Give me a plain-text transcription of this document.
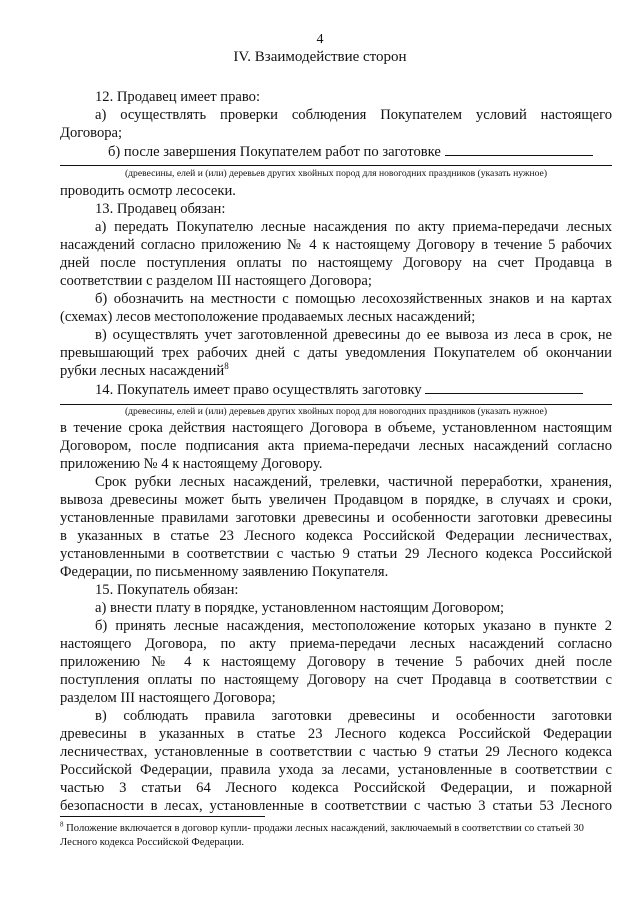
4
IV. Взаимодействие сторон
12. Продавец имеет право:
а) осуществлять проверки соблюдения Покупателем условий настоящего
Договора;
б) после завершения Покупателем работ по заготовке
(древесины, елей и (или) деревьев других хвойных пород для новогодних праздников (указать нужное)
проводить осмотр лесосеки.
13. Продавец обязан:
а) передать Покупателю лесные насаждения по акту приема-передачи лесных
насаждений согласно приложению № 4 к настоящему Договору в течение 5 рабочих
дней после поступления оплаты по настоящему Договору на счет Продавца в
соответствии с разделом III настоящего Договора;
б) обозначить на местности с помощью лесохозяйственных знаков и на картах
(схемах) лесов местоположение продаваемых лесных насаждений;
в) осуществлять учет заготовленной древесины до ее вывоза из леса в срок, не
превышающий трех рабочих дней с даты уведомления Покупателем об окончании
рубки лесных насаждений$^8$
14. Покупатель имеет право осуществлять заготовку
(древесины, елей и (или) деревьев других хвойных пород для новогодних праздников (указать нужное)
в течение срока действия настоящего Договора в объеме, установленном настоящим
Договором, после подписания акта приема-передачи лесных насаждений согласно
приложению № 4 к настоящему Договору.
Срок рубки лесных насаждений, трелевки, частичной переработки, хранения,
вывоза древесины может быть увеличен Продавцом в порядке, в случаях и сроки,
установленные правилами заготовки древесины и особенности заготовки древесины
в указанных в статье 23 Лесного кодекса Российской Федерации лесничествах,
установленными в соответствии с частью 9 статьи 29 Лесного кодекса Российской
Федерации, по письменному заявлению Покупателя.
15. Покупатель обязан:
а) внести плату в порядке, установленном настоящим Договором;
б) принять лесные насаждения, местоположение которых указано в пункте 2
настоящего Договора, по акту приема-передачи лесных насаждений согласно
приложению № 4 к настоящему Договору в течение 5 рабочих дней после
поступления оплаты по настоящему Договору на счет Продавца в соответствии с
разделом III настоящего Договора;
в) соблюдать правила заготовки древесины и особенности заготовки
древесины в указанных в статье 23 Лесного кодекса Российской Федерации
лесничествах, установленные в соответствии с частью 9 статьи 29 Лесного кодекса
Российской Федерации, правила ухода за лесами, установленные в соответствии с
частью 3 статьи 64 Лесного кодекса Российской Федерации, и пожарной
безопасности в лесах, установленные в соответствии с частью 3 статьи 53 Лесного
$^8$ Положение включается в договор купли- продажи лесных насаждений, заключаемый в соответствии со статьей 30
Лесного кодекса Российской Федерации.
